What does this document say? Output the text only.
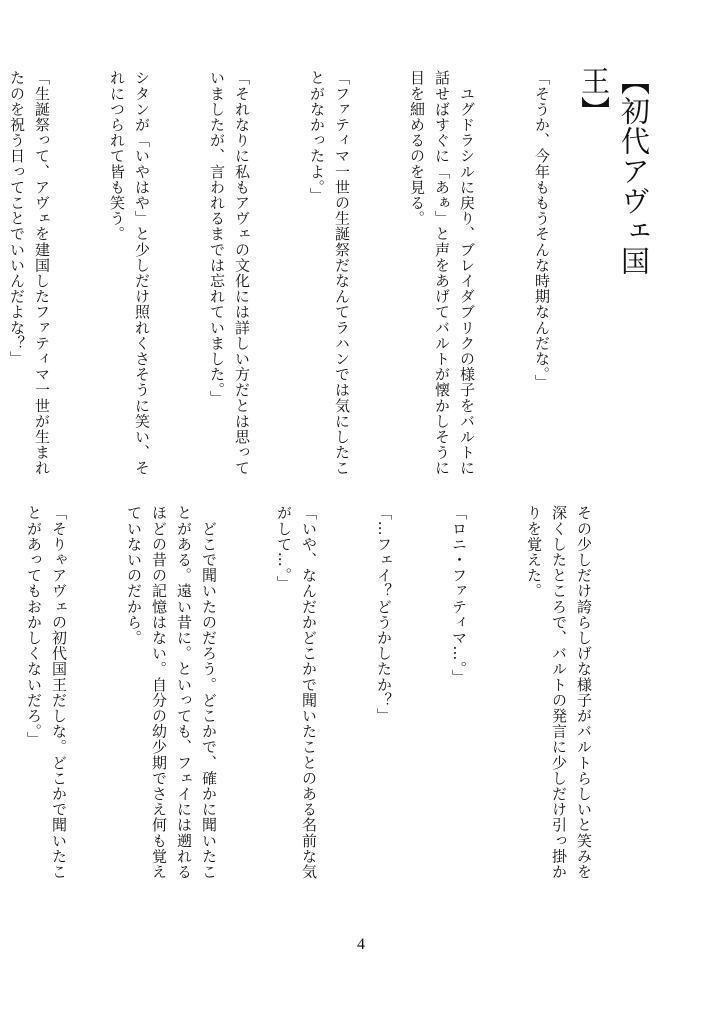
【初代アヴェ国王】

「そうか、今年ももうそんな時期なんだな。」

　ユグドラシルに戻り、ブレイダブリクの様子をバルトに話せばすぐに「あぁ」と声をあげてバルトが懐かしそうに目を細めるのを見る。

「ファティマ一世の生誕祭だなんてラハンでは気にしたことがなかったよ。」

「それなりに私もアヴェの文化には詳しい方だとは思っていましたが、言われるまでは忘れていました。」

シタンが「いやはや」と少しだけ照れくさそうに笑い、それにつられて皆も笑う。

「生誕祭って、アヴェを建国したファティマ一世が生まれたのを祝う日ってことでいいんだよな？」

その少しだけ誇らしげな様子がバルトらしいと笑みを深くしたところで、バルトの発言に少しだけ引っ掛かりを覚えた。

「ロニ・ファティマ…。」

「…フェイ？どうかしたか？」

「いや、なんだかどこかで聞いたことのある名前な気がして…。」

　どこで聞いたのだろう。どこかで、確かに聞いたことがある。遠い昔に。といっても、フェイには遡れるほどの昔の記憶はない。自分の幼少期でさえ何も覚えていないのだから。

「そりゃアヴェの初代国王だしな。どこかで聞いたことがあってもおかしくないだろ。」

4
